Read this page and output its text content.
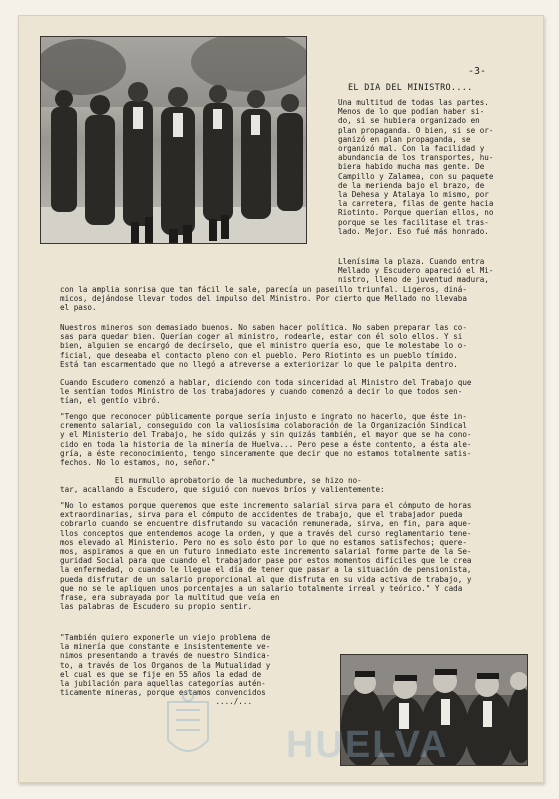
-3-
EL DIA DEL MINISTRO....
Una multitud de todas las partes.
Menos de lo que podían haber si-
do, si se hubiera organizado en
plan propaganda. O bien, si se or-
ganizó en plan propaganda, se
organizó mal. Con la facilidad y
abundancia de los transportes, hu-
biera habido mucha mas gente. De
Campillo y Zalamea, con su paquete
de la merienda bajo el brazo, de
la Dehesa y Atalaya lo mismo, por
la carretera, filas de gente hacia
Riotinto. Porque querían ellos, no
porque se les facilitase el tras-
lado. Mejor. Eso fué más honrado.
Llenísima la plaza. Cuando entra
Mellado y Escudero apareció el Mi-
nistro, lleno de juventud madura,
con la amplia sonrisa que tan fácil le sale, parecía un paseillo triunfal. Ligeros, diná-
micos, dejándose llevar todos del impulso del Ministro. Por cierto que Mellado no llevaba
el paso.
Nuestros mineros son demasiado buenos. No saben hacer política. No saben preparar las co-
sas para quedar bien. Querían coger al ministro, rodearle, estar con él solo ellos. Y si
bien, alguien se encargó de decírselo, que el ministro quería eso, que le molestabe lo o-
ficial, que deseaba el contacto pleno con el pueblo. Pero Riotinto es un pueblo tímido.
Está tan escarmentado que no llegó a atreverse a exteriorizar lo que le palpita dentro.
Cuando Escudero comenzó a hablar, diciendo con toda sinceridad al Ministro del Trabajo que
le sentían todos Ministro de los trabajadores y cuando comenzó a decir lo que todos sen-
tían, el gentío vibró.
"Tengo que reconocer públicamente porque sería injusto e ingrato no hacerlo, que éste in-
cremento salarial, conseguido con la valiosísima colaboración de la Organización Sindical
y el Ministerio del Trabajo, he sido quizás y sin quizás también, el mayor que se ha cono-
cido en toda la historia de la minería de Huelva... Pero pese a éste contento, a ésta ale-
gría, a éste reconocimiento, tengo sinceramente que decir que no estamos totalmente satis-
fechos. No lo estamos, no, señor."
El murmullo aprobatorio de la muchedumbre, se hizo no-
tar, acallando a Escudero, que siguió con nuevos bríos y valientemente:
"No lo estamos porque queremos que este incremento salarial sirva para el cómputo de horas
extraordinarias, sirva para el cómputo de accidentes de trabajo, que el trabajador pueda
cobrarlo cuando se encuentre disfrutando su vacación remunerada, sirva, en fin, para aque-
llos conceptos que entendemos acoge la orden, y que a través del curso reglamentario tene-
mos elevado al Ministerio. Pero no es solo ésto por lo que no estamos satisfechos; quere-
mos, aspiramos a que en un futuro inmediato este incremento salarial forme parte de la Se-
guridad Social para que cuando el trabajador pase por estos momentos difíciles que le crea
la enfermedad, o cuando le llegue el día de tener que pasar a la situación de pensionista,
pueda disfrutar de un salario proporcional al que disfruta en su vida activa de trabajo, y
que no se le apliquen unos porcentajes a un salario totalmente irreal y teórico." Y cada
frase, era subrayada por la multitud que veía en
las palabras de Escudero su propio sentir.
"También quiero exponerle un viejo problema de
la minería que constante e insistentemente ve-
nimos presentando a través de nuestro Sindica-
to, a través de los Organos de la Mutualidad y
el cual es que se fije en 55 años la edad de
la jubilación para aquellas categorías autén-
ticamente mineras, porque estamos convencidos
..../...
HUELVA
